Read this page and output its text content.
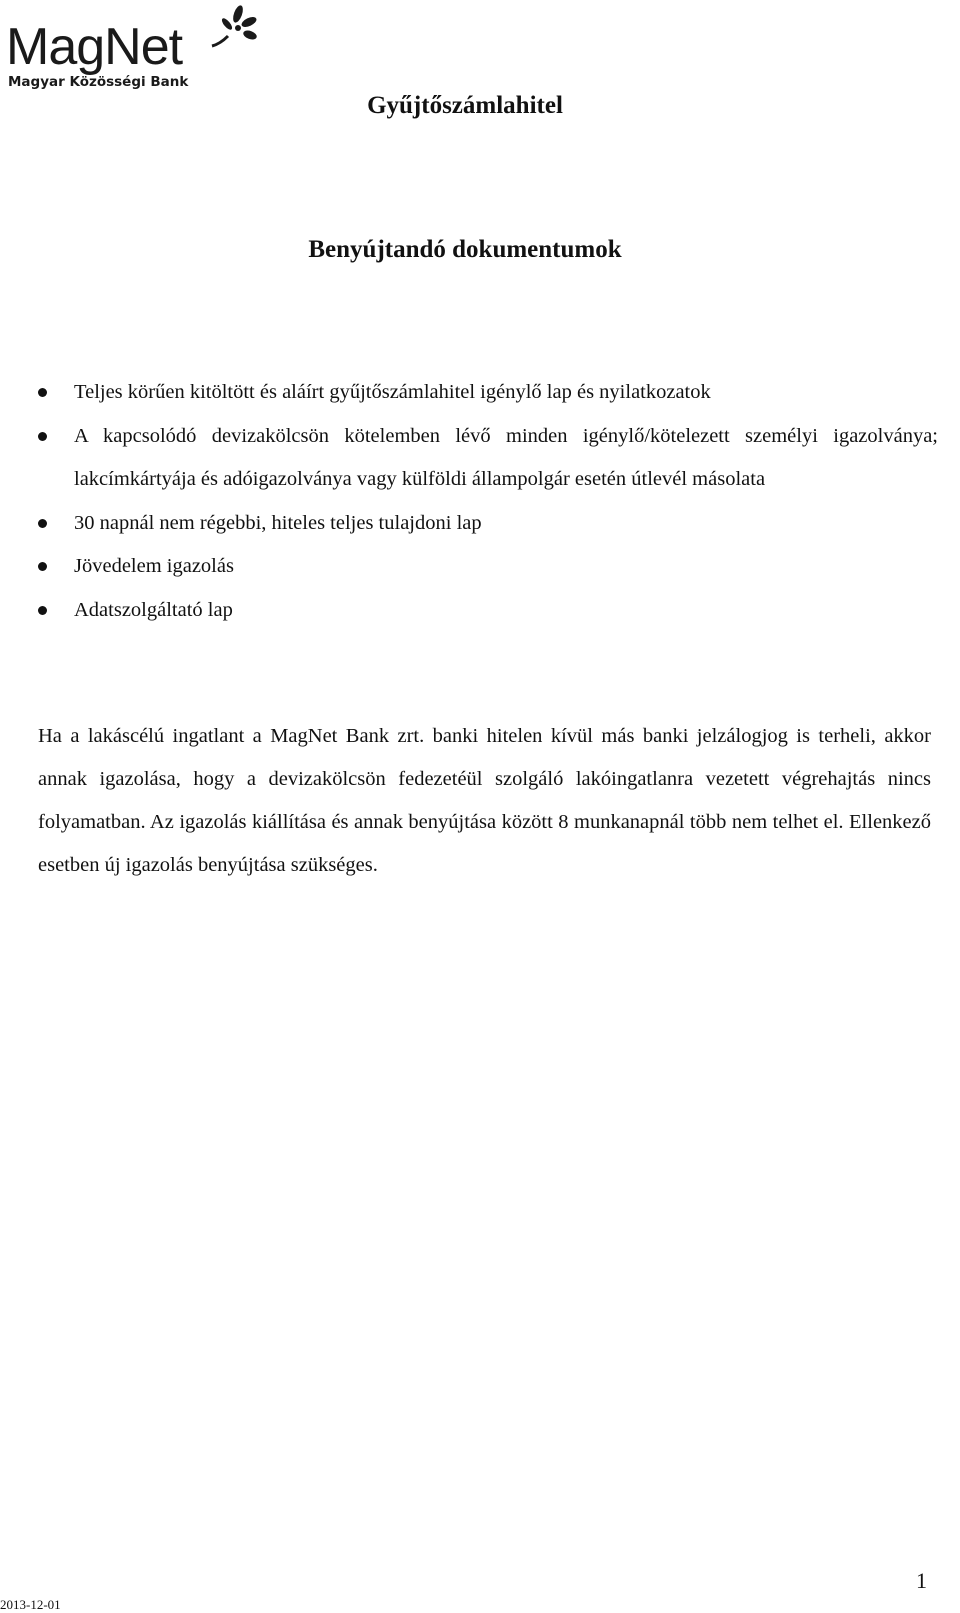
MagNet
Magyar Közösségi Bank
Gyűjtőszámlahitel
Benyújtandó dokumentumok
Teljes körűen kitöltött és aláírt gyűjtőszámlahitel igénylő lap és nyilatkozatok
A kapcsolódó devizakölcsön kötelemben lévő minden igénylő/kötelezett személyi igazolványa; lakcímkártyája és adóigazolványa vagy külföldi állampolgár esetén útlevél másolata
30 napnál nem régebbi, hiteles teljes tulajdoni lap
Jövedelem igazolás
Adatszolgáltató lap

Ha a lakáscélú ingatlant a MagNet Bank zrt. banki hitelen kívül más banki jelzálogjog is terheli, akkor annak igazolása, hogy a devizakölcsön fedezetéül szolgáló lakóingatlanra vezetett végrehajtás nincs folyamatban. Az igazolás kiállítása és annak benyújtása között 8 munkanapnál több nem telhet el. Ellenkező esetben új igazolás benyújtása szükséges.

1
2013-12-01
